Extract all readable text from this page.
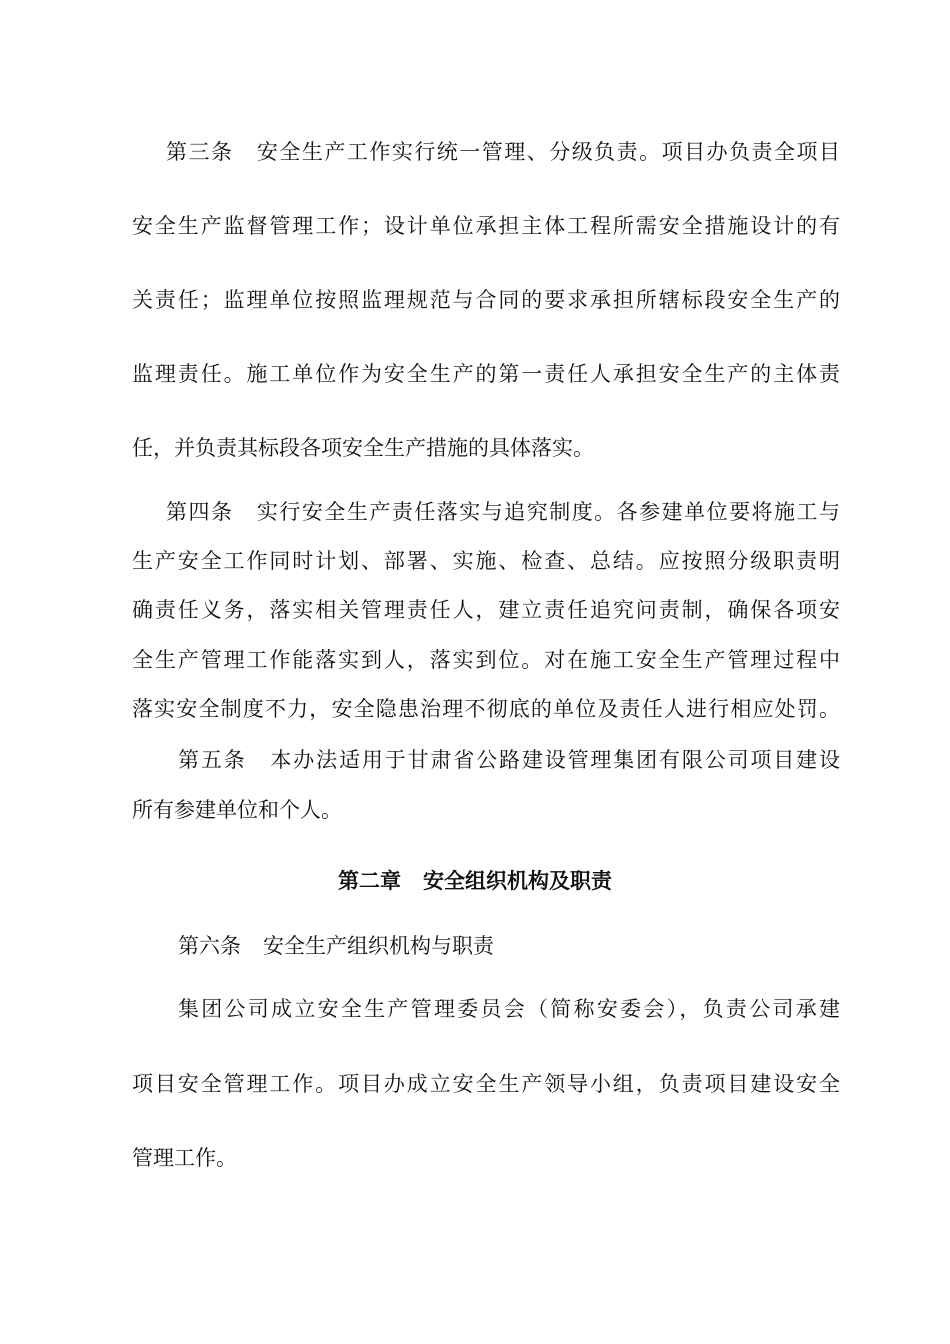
第三条 安全生产工作实行统一管理、分级负责。项目办负责全项目
安全生产监督管理工作；设计单位承担主体工程所需安全措施设计的有
关责任；监理单位按照监理规范与合同的要求承担所辖标段安全生产的
监理责任。施工单位作为安全生产的第一责任人承担安全生产的主体责
任，并负责其标段各项安全生产措施的具体落实。
第四条 实行安全生产责任落实与追究制度。各参建单位要将施工与
生产安全工作同时计划、部署、实施、检查、总结。应按照分级职责明
确责任义务，落实相关管理责任人，建立责任追究问责制，确保各项安
全生产管理工作能落实到人，落实到位。对在施工安全生产管理过程中
落实安全制度不力，安全隐患治理不彻底的单位及责任人进行相应处罚。
第五条 本办法适用于甘肃省公路建设管理集团有限公司项目建设
所有参建单位和个人。
第二章 安全组织机构及职责
第六条 安全生产组织机构与职责
集团公司成立安全生产管理委员会（简称安委会），负责公司承建
项目安全管理工作。项目办成立安全生产领导小组，负责项目建设安全
管理工作。
